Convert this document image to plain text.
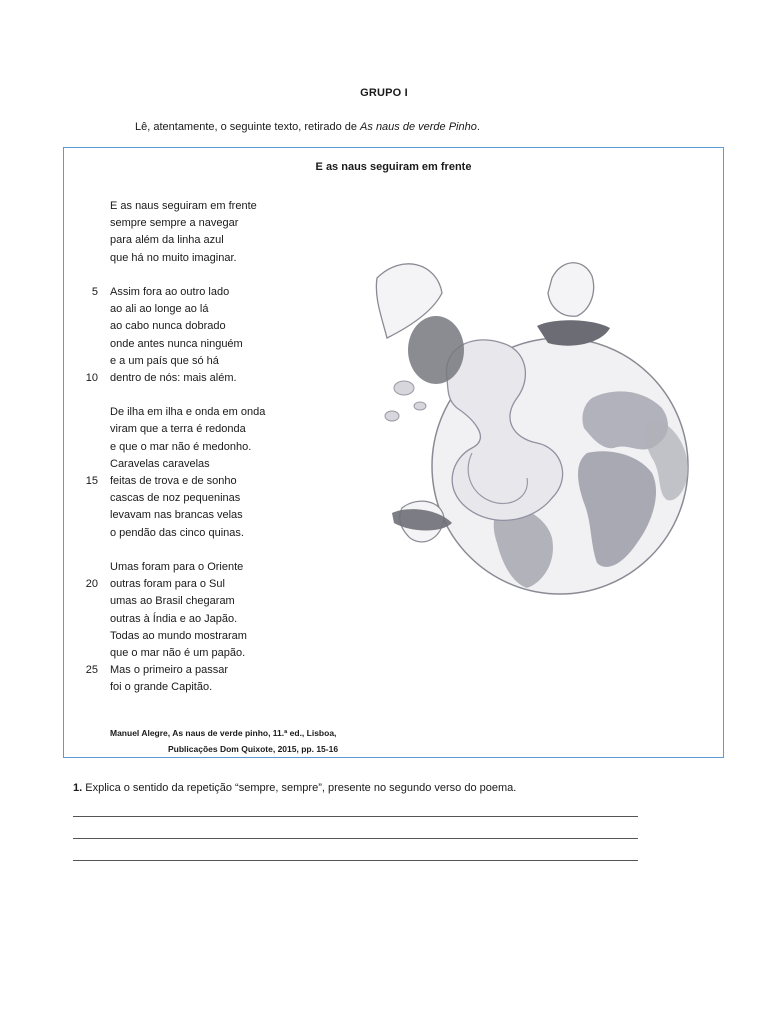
GRUPO I
Lê, atentamente, o seguinte texto, retirado de As naus de verde Pinho.
E as naus seguiram em frente
E as naus seguiram em frente
sempre sempre a navegar
para além da linha azul
que há no muito imaginar.
5 Assim fora ao outro lado
ao ali ao longe ao lá
ao cabo nunca dobrado
onde antes nunca ninguém
e a um país que só há
10 dentro de nós: mais além.
De ilha em ilha e onda em onda
viram que a terra é redonda
e que o mar não é medonho.
Caravelas caravelas
15 feitas de trova e de sonho
cascas de noz pequeninas
levavam nas brancas velas
o pendão das cinco quinas.
Umas foram para o Oriente
20 outras foram para o Sul
umas ao Brasil chegaram
outras à Índia e ao Japão.
Todas ao mundo mostraram
que o mar não é um papão.
25 Mas o primeiro a passar
foi o grande Capitão.
Manuel Alegre, As naus de verde pinho, 11.ª ed., Lisboa,
Publicações Dom Quixote, 2015, pp. 15-16
1. Explica o sentido da repetição “sempre, sempre”, presente no segundo verso do poema.
